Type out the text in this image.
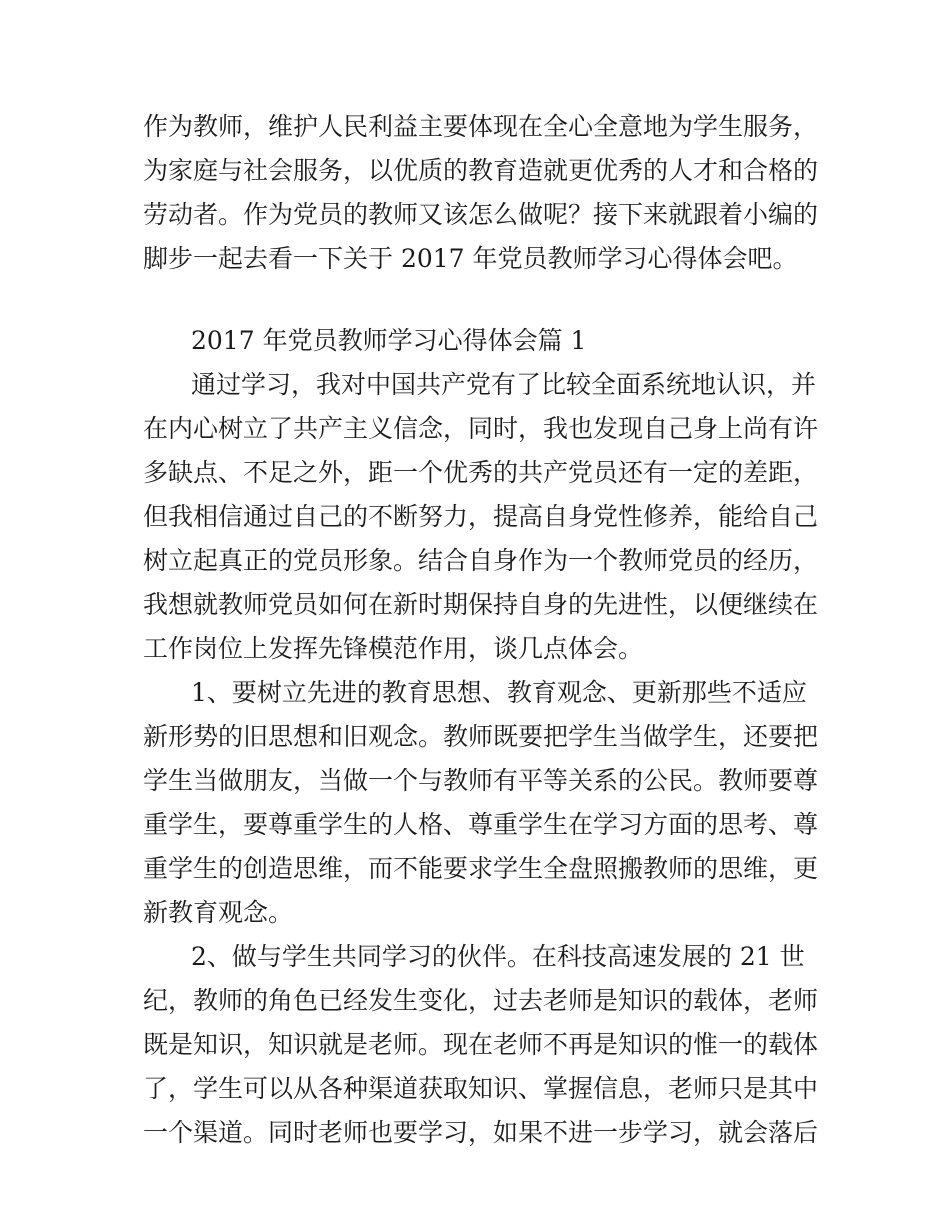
作为教师，维护人民利益主要体现在全心全意地为学生服务，
为家庭与社会服务，以优质的教育造就更优秀的人才和合格的
劳动者。作为党员的教师又该怎么做呢？接下来就跟着小编的
脚步一起去看一下关于 2017 年党员教师学习心得体会吧。
2017 年党员教师学习心得体会篇 1
通过学习，我对中国共产党有了比较全面系统地认识，并
在内心树立了共产主义信念，同时，我也发现自己身上尚有许
多缺点、不足之外，距一个优秀的共产党员还有一定的差距，
但我相信通过自己的不断努力，提高自身党性修养，能给自己
树立起真正的党员形象。结合自身作为一个教师党员的经历，
我想就教师党员如何在新时期保持自身的先进性，以便继续在
工作岗位上发挥先锋模范作用，谈几点体会。
1、要树立先进的教育思想、教育观念、更新那些不适应
新形势的旧思想和旧观念。教师既要把学生当做学生，还要把
学生当做朋友，当做一个与教师有平等关系的公民。教师要尊
重学生，要尊重学生的人格、尊重学生在学习方面的思考、尊
重学生的创造思维，而不能要求学生全盘照搬教师的思维，更
新教育观念。
2、做与学生共同学习的伙伴。在科技高速发展的 21 世
纪，教师的角色已经发生变化，过去老师是知识的载体，老师
既是知识，知识就是老师。现在老师不再是知识的惟一的载体
了，学生可以从各种渠道获取知识、掌握信息，老师只是其中
一个渠道。同时老师也要学习，如果不进一步学习，就会落后
